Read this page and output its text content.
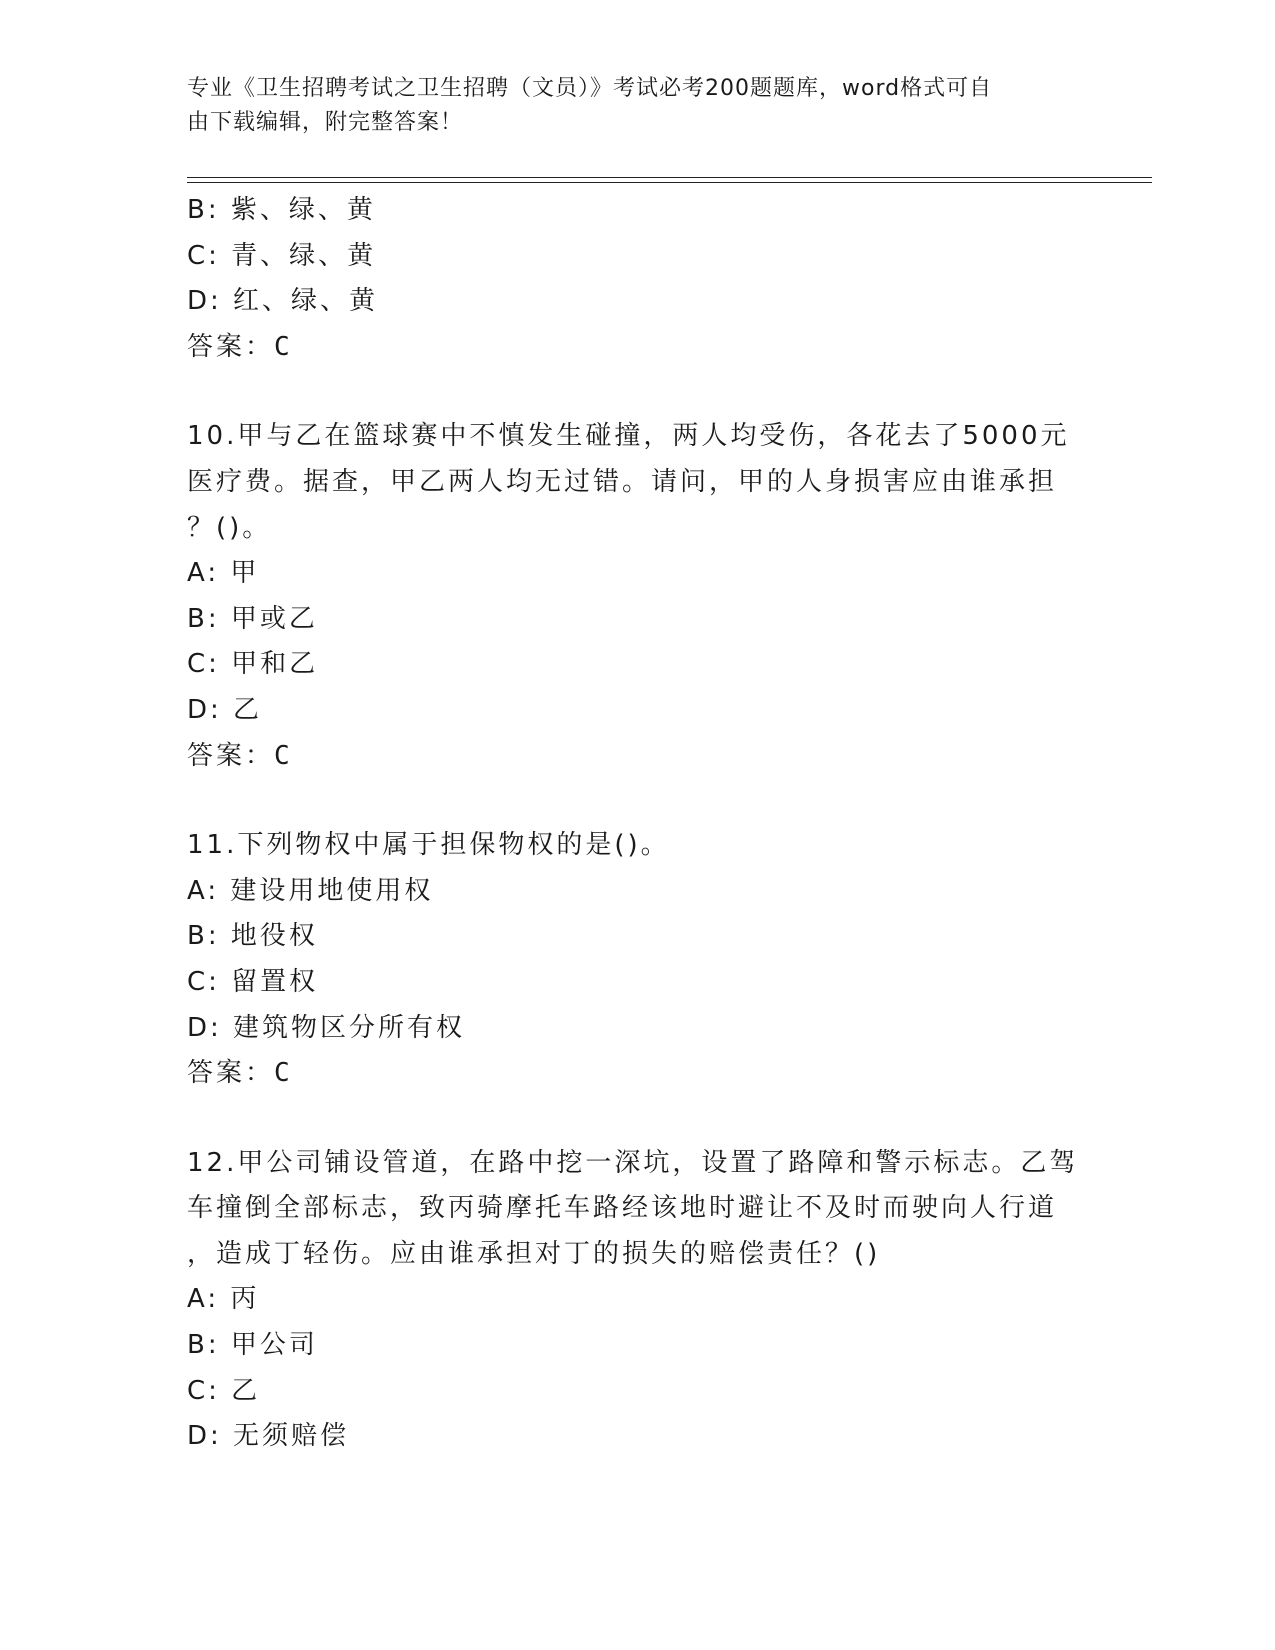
专业《卫生招聘考试之卫生招聘（文员）》考试必考200题题库，word格式可自
由下载编辑，附完整答案！
B: 紫、绿、黄
C: 青、绿、黄
D: 红、绿、黄
答案：C
10.甲与乙在篮球赛中不慎发生碰撞，两人均受伤，各花去了5000元
医疗费。据查，甲乙两人均无过错。请问，甲的人身损害应由谁承担
？()。
A: 甲
B: 甲或乙
C: 甲和乙
D: 乙
答案：C
11.下列物权中属于担保物权的是()。
A: 建设用地使用权
B: 地役权
C: 留置权
D: 建筑物区分所有权
答案：C
12.甲公司铺设管道，在路中挖一深坑，设置了路障和警示标志。乙驾
车撞倒全部标志，致丙骑摩托车路经该地时避让不及时而驶向人行道
，造成丁轻伤。应由谁承担对丁的损失的赔偿责任？()
A: 丙
B: 甲公司
C: 乙
D: 无须赔偿
